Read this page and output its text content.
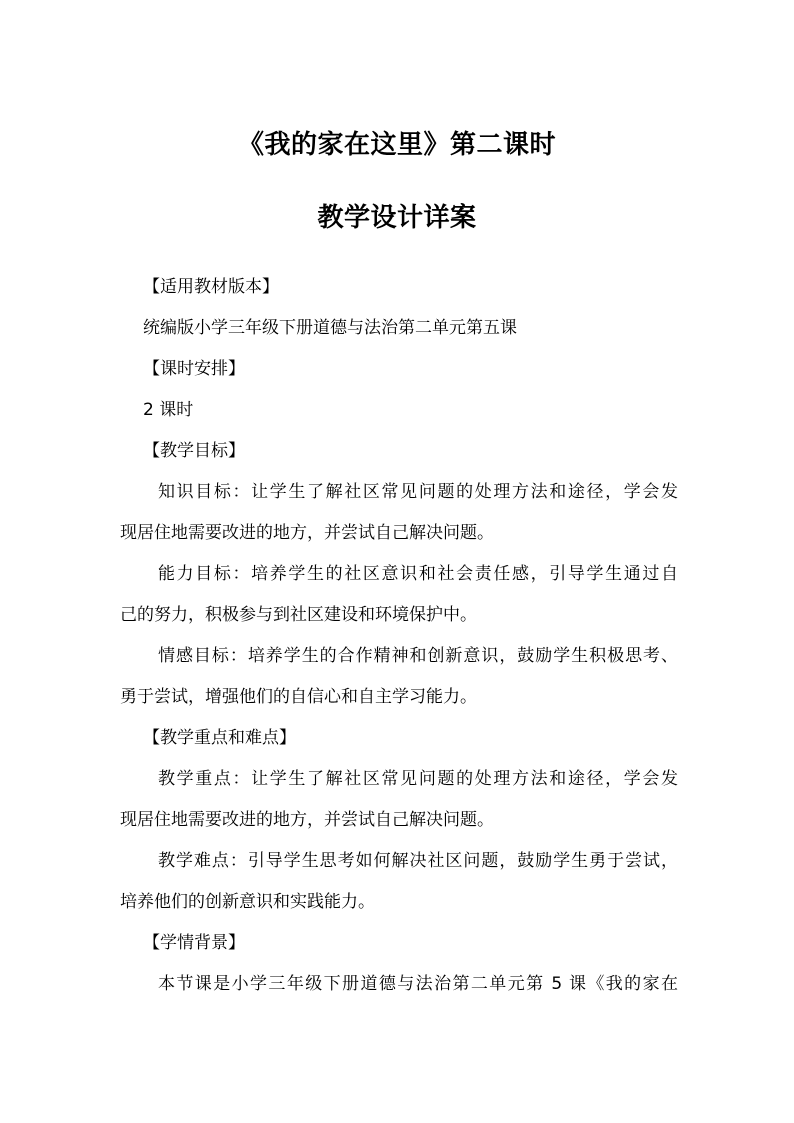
《我的家在这里》第二课时
教学设计详案
【适用教材版本】
统编版小学三年级下册道德与法治第二单元第五课
【课时安排】
2 课时
【教学目标】
知识目标：让学生了解社区常见问题的处理方法和途径，学会发
现居住地需要改进的地方，并尝试自己解决问题。
能力目标：培养学生的社区意识和社会责任感，引导学生通过自
己的努力，积极参与到社区建设和环境保护中。
情感目标：培养学生的合作精神和创新意识，鼓励学生积极思考、
勇于尝试，增强他们的自信心和自主学习能力。
【教学重点和难点】
教学重点：让学生了解社区常见问题的处理方法和途径，学会发
现居住地需要改进的地方，并尝试自己解决问题。
教学难点：引导学生思考如何解决社区问题，鼓励学生勇于尝试，
培养他们的创新意识和实践能力。
【学情背景】
本节课是小学三年级下册道德与法治第二单元第 5 课《我的家在
